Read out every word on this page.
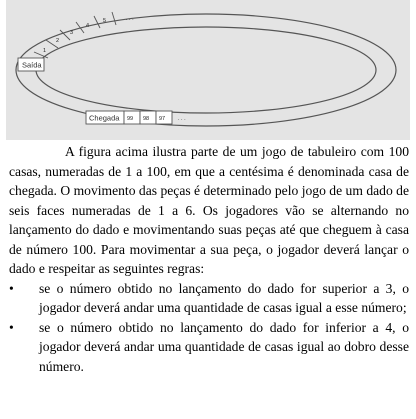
1
2
3
4
5	. . .
Saída
Chegada 99 98 97 . . .

A figura acima ilustra parte de um jogo de tabuleiro com 100 casas, numeradas de 1 a 100, em que a centésima é denominada casa de chegada. O movimento das peças é determinado pelo jogo de um dado de seis faces numeradas de 1 a 6. Os jogadores vão se alternando no lançamento do dado e movimentando suas peças até que cheguem à casa de número 100. Para movimentar a sua peça, o jogador deverá lançar o dado e respeitar as seguintes regras:

• se o número obtido no lançamento do dado for superior a 3, o jogador deverá andar uma quantidade de casas igual a esse número;
• se o número obtido no lançamento do dado for inferior a 4, o jogador deverá andar uma quantidade de casas igual ao dobro desse número.
